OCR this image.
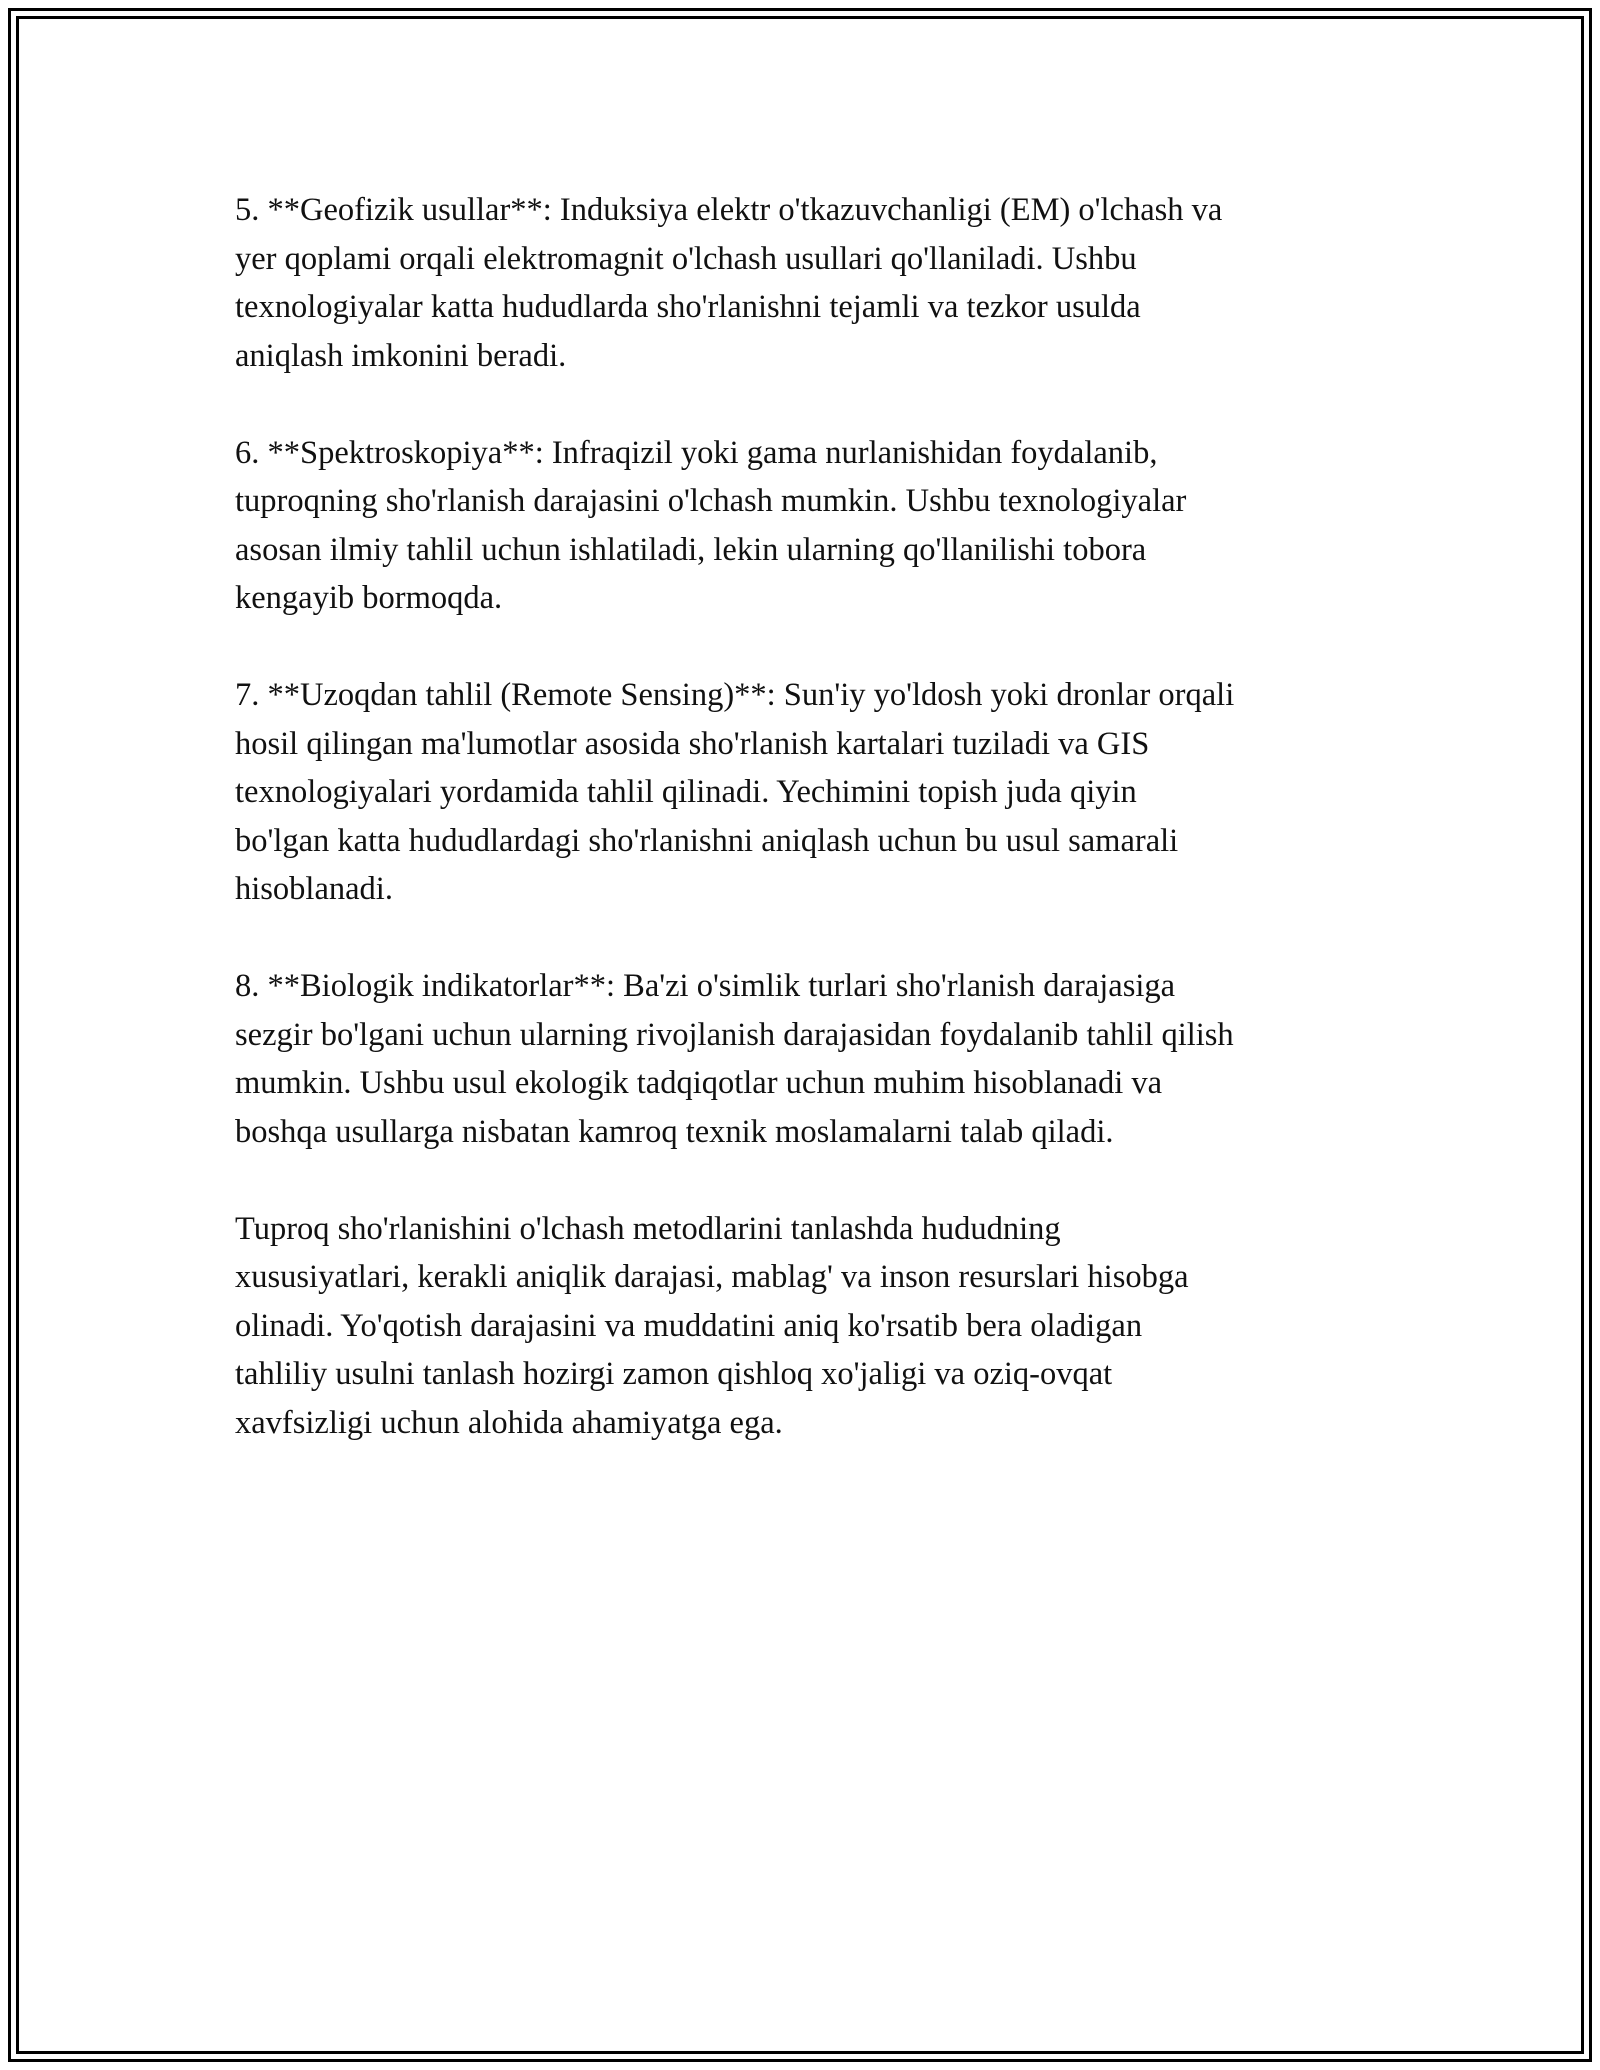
5. **Geofizik usullar**: Induksiya elektr o'tkazuvchanligi (EM) o'lchash va
yer qoplami orqali elektromagnit o'lchash usullari qo'llaniladi. Ushbu
texnologiyalar katta hududlarda sho'rlanishni tejamli va tezkor usulda
aniqlash imkonini beradi.

6. **Spektroskopiya**: Infraqizil yoki gama nurlanishidan foydalanib,
tuproqning sho'rlanish darajasini o'lchash mumkin. Ushbu texnologiyalar
asosan ilmiy tahlil uchun ishlatiladi, lekin ularning qo'llanilishi tobora
kengayib bormoqda.

7. **Uzoqdan tahlil (Remote Sensing)**: Sun'iy yo'ldosh yoki dronlar orqali
hosil qilingan ma'lumotlar asosida sho'rlanish kartalari tuziladi va GIS
texnologiyalari yordamida tahlil qilinadi. Yechimini topish juda qiyin
bo'lgan katta hududlardagi sho'rlanishni aniqlash uchun bu usul samarali
hisoblanadi.

8. **Biologik indikatorlar**: Ba'zi o'simlik turlari sho'rlanish darajasiga
sezgir bo'lgani uchun ularning rivojlanish darajasidan foydalanib tahlil qilish
mumkin. Ushbu usul ekologik tadqiqotlar uchun muhim hisoblanadi va
boshqa usullarga nisbatan kamroq texnik moslamalarni talab qiladi.

Tuproq sho'rlanishini o'lchash metodlarini tanlashda hududning
xususiyatlari, kerakli aniqlik darajasi, mablag' va inson resurslari hisobga
olinadi. Yo'qotish darajasini va muddatini aniq ko'rsatib bera oladigan
tahliliy usulni tanlash hozirgi zamon qishloq xo'jaligi va oziq-ovqat
xavfsizligi uchun alohida ahamiyatga ega.
